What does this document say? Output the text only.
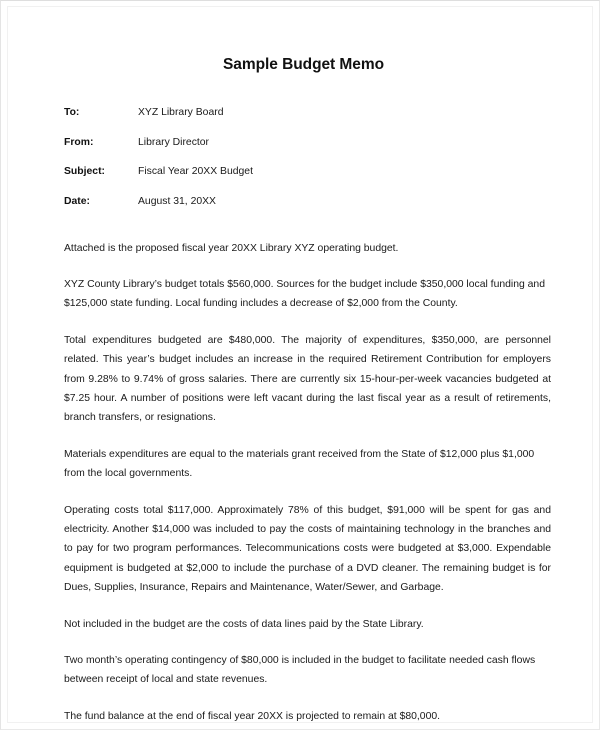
Sample Budget Memo
To:	XYZ Library Board
From:	Library Director
Subject:	Fiscal Year 20XX Budget
Date:	August 31, 20XX

Attached is the proposed fiscal year 20XX Library XYZ operating budget.

XYZ County Library’s budget totals $560,000. Sources for the budget include $350,000 local funding and $125,000 state funding. Local funding includes a decrease of $2,000 from the County.

Total expenditures budgeted are $480,000. The majority of expenditures, $350,000, are personnel related. This year’s budget includes an increase in the required Retirement Contribution for employers from 9.28% to 9.74% of gross salaries. There are currently six 15-hour-per-week vacancies budgeted at $7.25 hour. A number of positions were left vacant during the last fiscal year as a result of retirements, branch transfers, or resignations.

Materials expenditures are equal to the materials grant received from the State of $12,000 plus $1,000 from the local governments.

Operating costs total $117,000. Approximately 78% of this budget, $91,000 will be spent for gas and electricity. Another $14,000 was included to pay the costs of maintaining technology in the branches and to pay for two program performances. Telecommunications costs were budgeted at $3,000. Expendable equipment is budgeted at $2,000 to include the purchase of a DVD cleaner. The remaining budget is for Dues, Supplies, Insurance, Repairs and Maintenance, Water/Sewer, and Garbage.

Not included in the budget are the costs of data lines paid by the State Library.

Two month’s operating contingency of $80,000 is included in the budget to facilitate needed cash flows between receipt of local and state revenues.

The fund balance at the end of fiscal year 20XX is projected to remain at $80,000.
